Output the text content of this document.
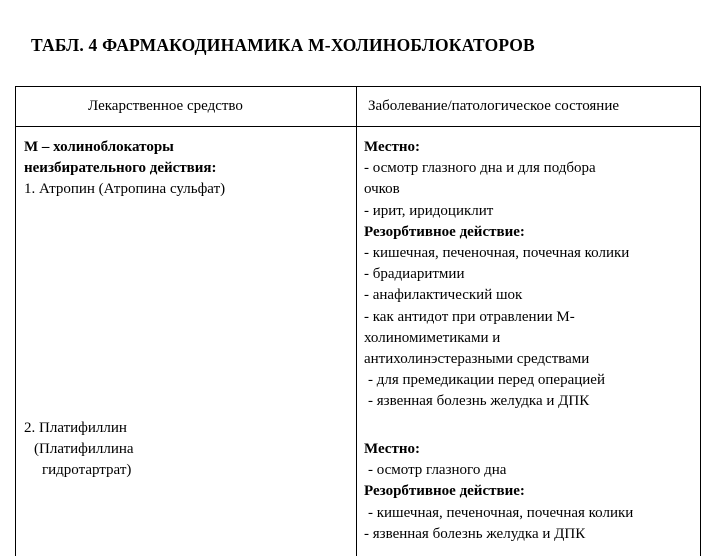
ТАБЛ. 4 ФАРМАКОДИНАМИКА М-ХОЛИНОБЛОКАТОРОВ
Лекарственное средство	Заболевание/патологическое состояние
М – холиноблокаторы
неизбирательного действия:
1. Атропин (Атропина сульфат)
2. Платифиллин
(Платифиллина
гидротартрат)
Местно:
- осмотр глазного дна и для подбора
очков
- ирит, иридоциклит
Резорбтивное действие:
- кишечная, печеночная, почечная колики
- брадиаритмии
- анафилактический шок
- как антидот при отравлении М-
холиномиметиками и
антихолинэстеразными средствами
- для премедикации перед операцией
- язвенная болезнь желудка и ДПК
Местно:
- осмотр глазного дна
Резорбтивное действие:
- кишечная, печеночная, почечная колики
- язвенная болезнь желудка и ДПК
